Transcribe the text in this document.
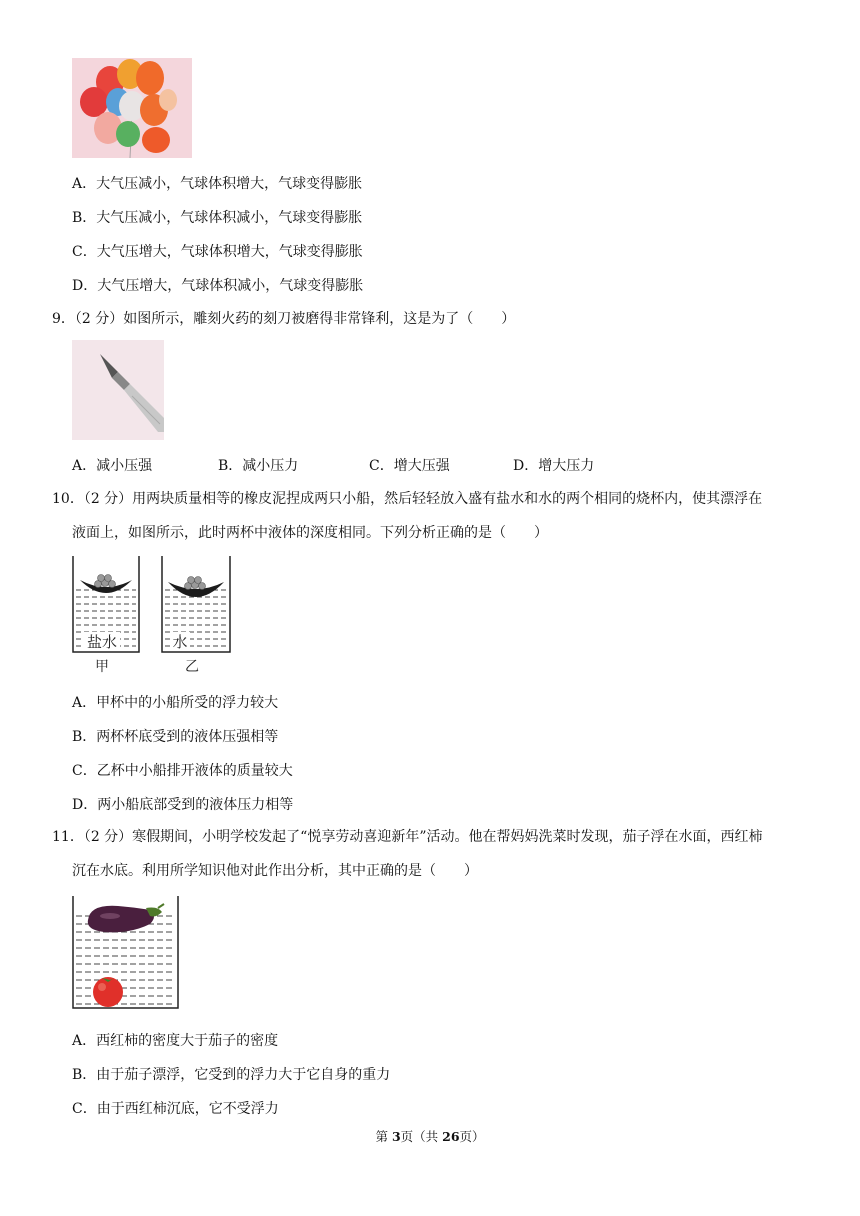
A．大气压减小，气球体积增大，气球变得膨胀
B．大气压减小，气球体积减小，气球变得膨胀
C．大气压增大，气球体积增大，气球变得膨胀
D．大气压增大，气球体积减小，气球变得膨胀
9．（2 分）如图所示，雕刻火药的刻刀被磨得非常锋利，这是为了（　　）
A．减小压强	B．减小压力	C．增大压强	D．增大压力
10．（2 分）用两块质量相等的橡皮泥捏成两只小船，然后轻轻放入盛有盐水和水的两个相同的烧杯内，使其漂浮在
液面上，如图所示，此时两杯中液体的深度相同。下列分析正确的是（　　）
盐水
甲
水
乙
A．甲杯中的小船所受的浮力较大
B．两杯杯底受到的液体压强相等
C．乙杯中小船排开液体的质量较大
D．两小船底部受到的液体压力相等
11．（2 分）寒假期间，小明学校发起了“悦享劳动喜迎新年”活动。他在帮妈妈洗菜时发现，茄子浮在水面，西红柿
沉在水底。利用所学知识他对此作出分析，其中正确的是（　　）
A．西红柿的密度大于茄子的密度
B．由于茄子漂浮，它受到的浮力大于它自身的重力
C．由于西红柿沉底，它不受浮力
第 3页（共 26页）
